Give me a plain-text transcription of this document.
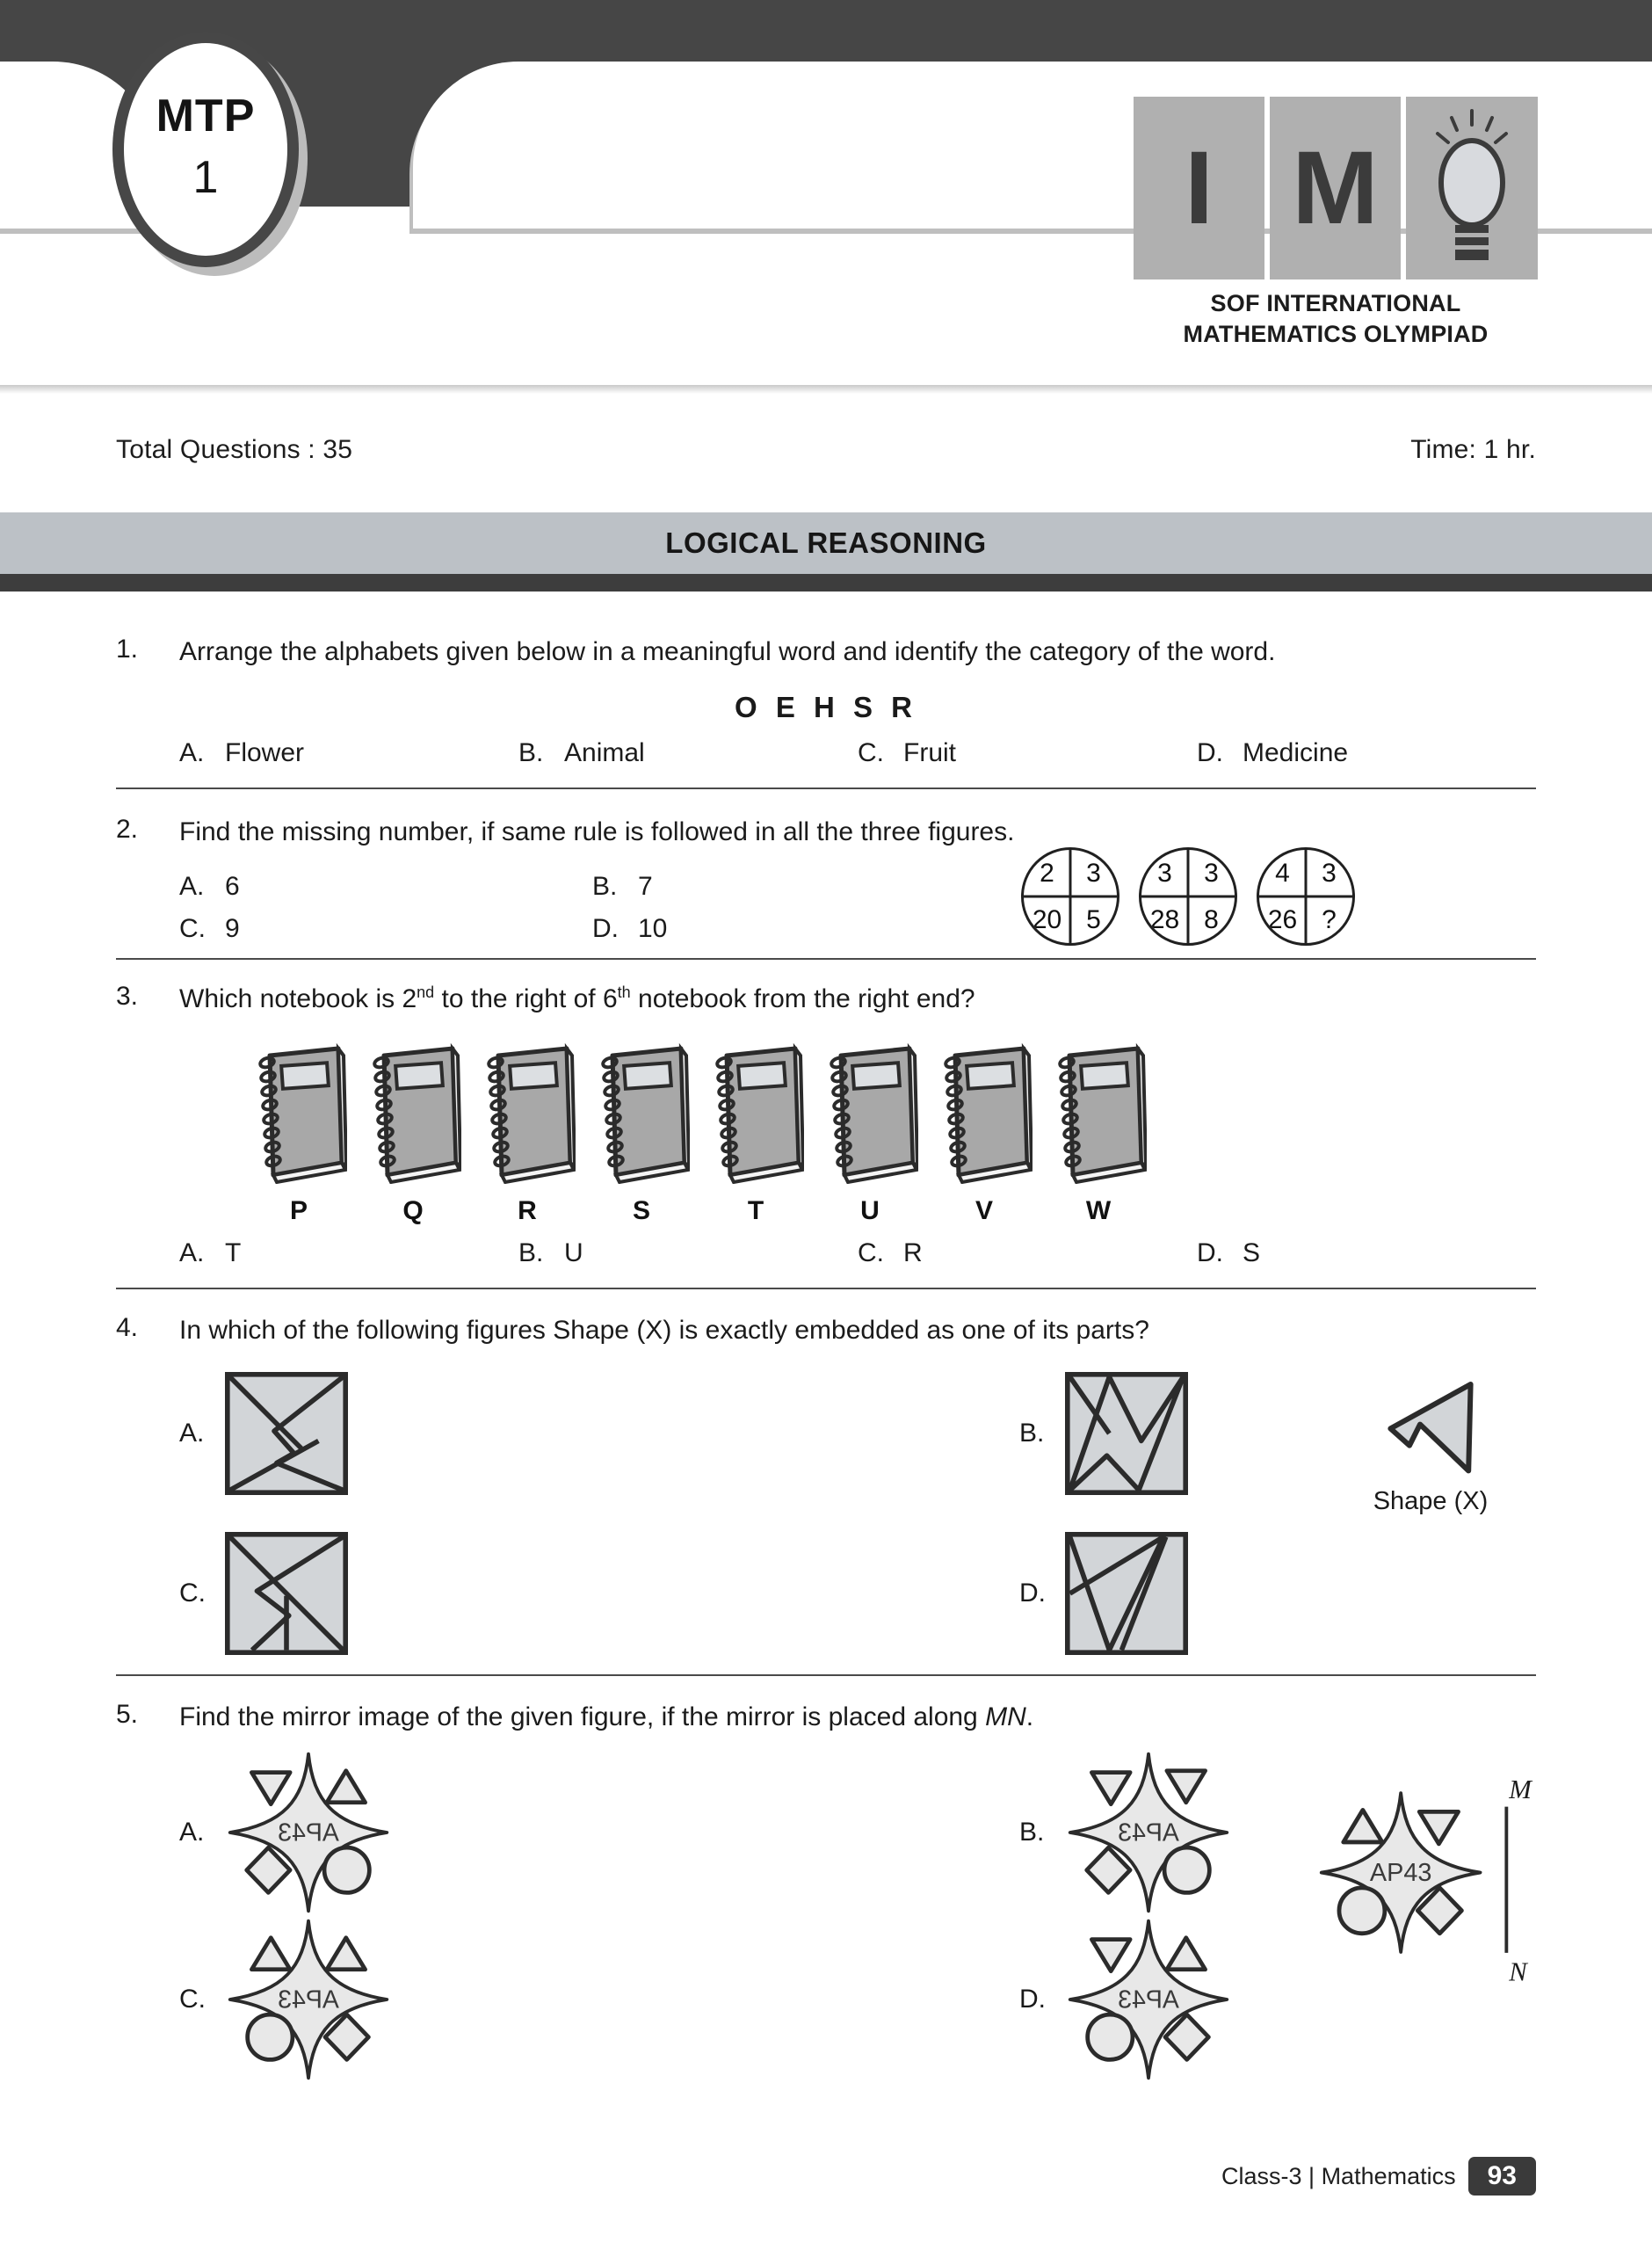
MTP
1	I M
SOF INTERNATIONAL
MATHEMATICS OLYMPIAD
Total Questions : 35	Time: 1 hr.
LOGICAL REASONING
1.	Arrange the alphabets given below in a meaningful word and identify the category of the word.
O E H S R
A. Flower	B. Animal	C. Fruit	D. Medicine
2.	Find the missing number, if same rule is followed in all the three figures.
A. 6	B. 7
C. 9	D. 10
2	3
20 5
3	3
28 8
4	3
26 ?
3.	Which notebook is 2nd to the right of 6th notebook from the right end?
P	Q	R	S	T	U	V	W
A. T	B. U	C. R	D. S
4.	In which of the following figures Shape (X) is exactly embedded as one of its parts?
A.	B.
C.	D.
Shape (X)
5.	Find the mirror image of the given figure, if the mirror is placed along MN.
A.	AP43	B.	AP43
C.	AP43	D.	AP43
AP43
M
N
Class-3 | Mathematics	93
